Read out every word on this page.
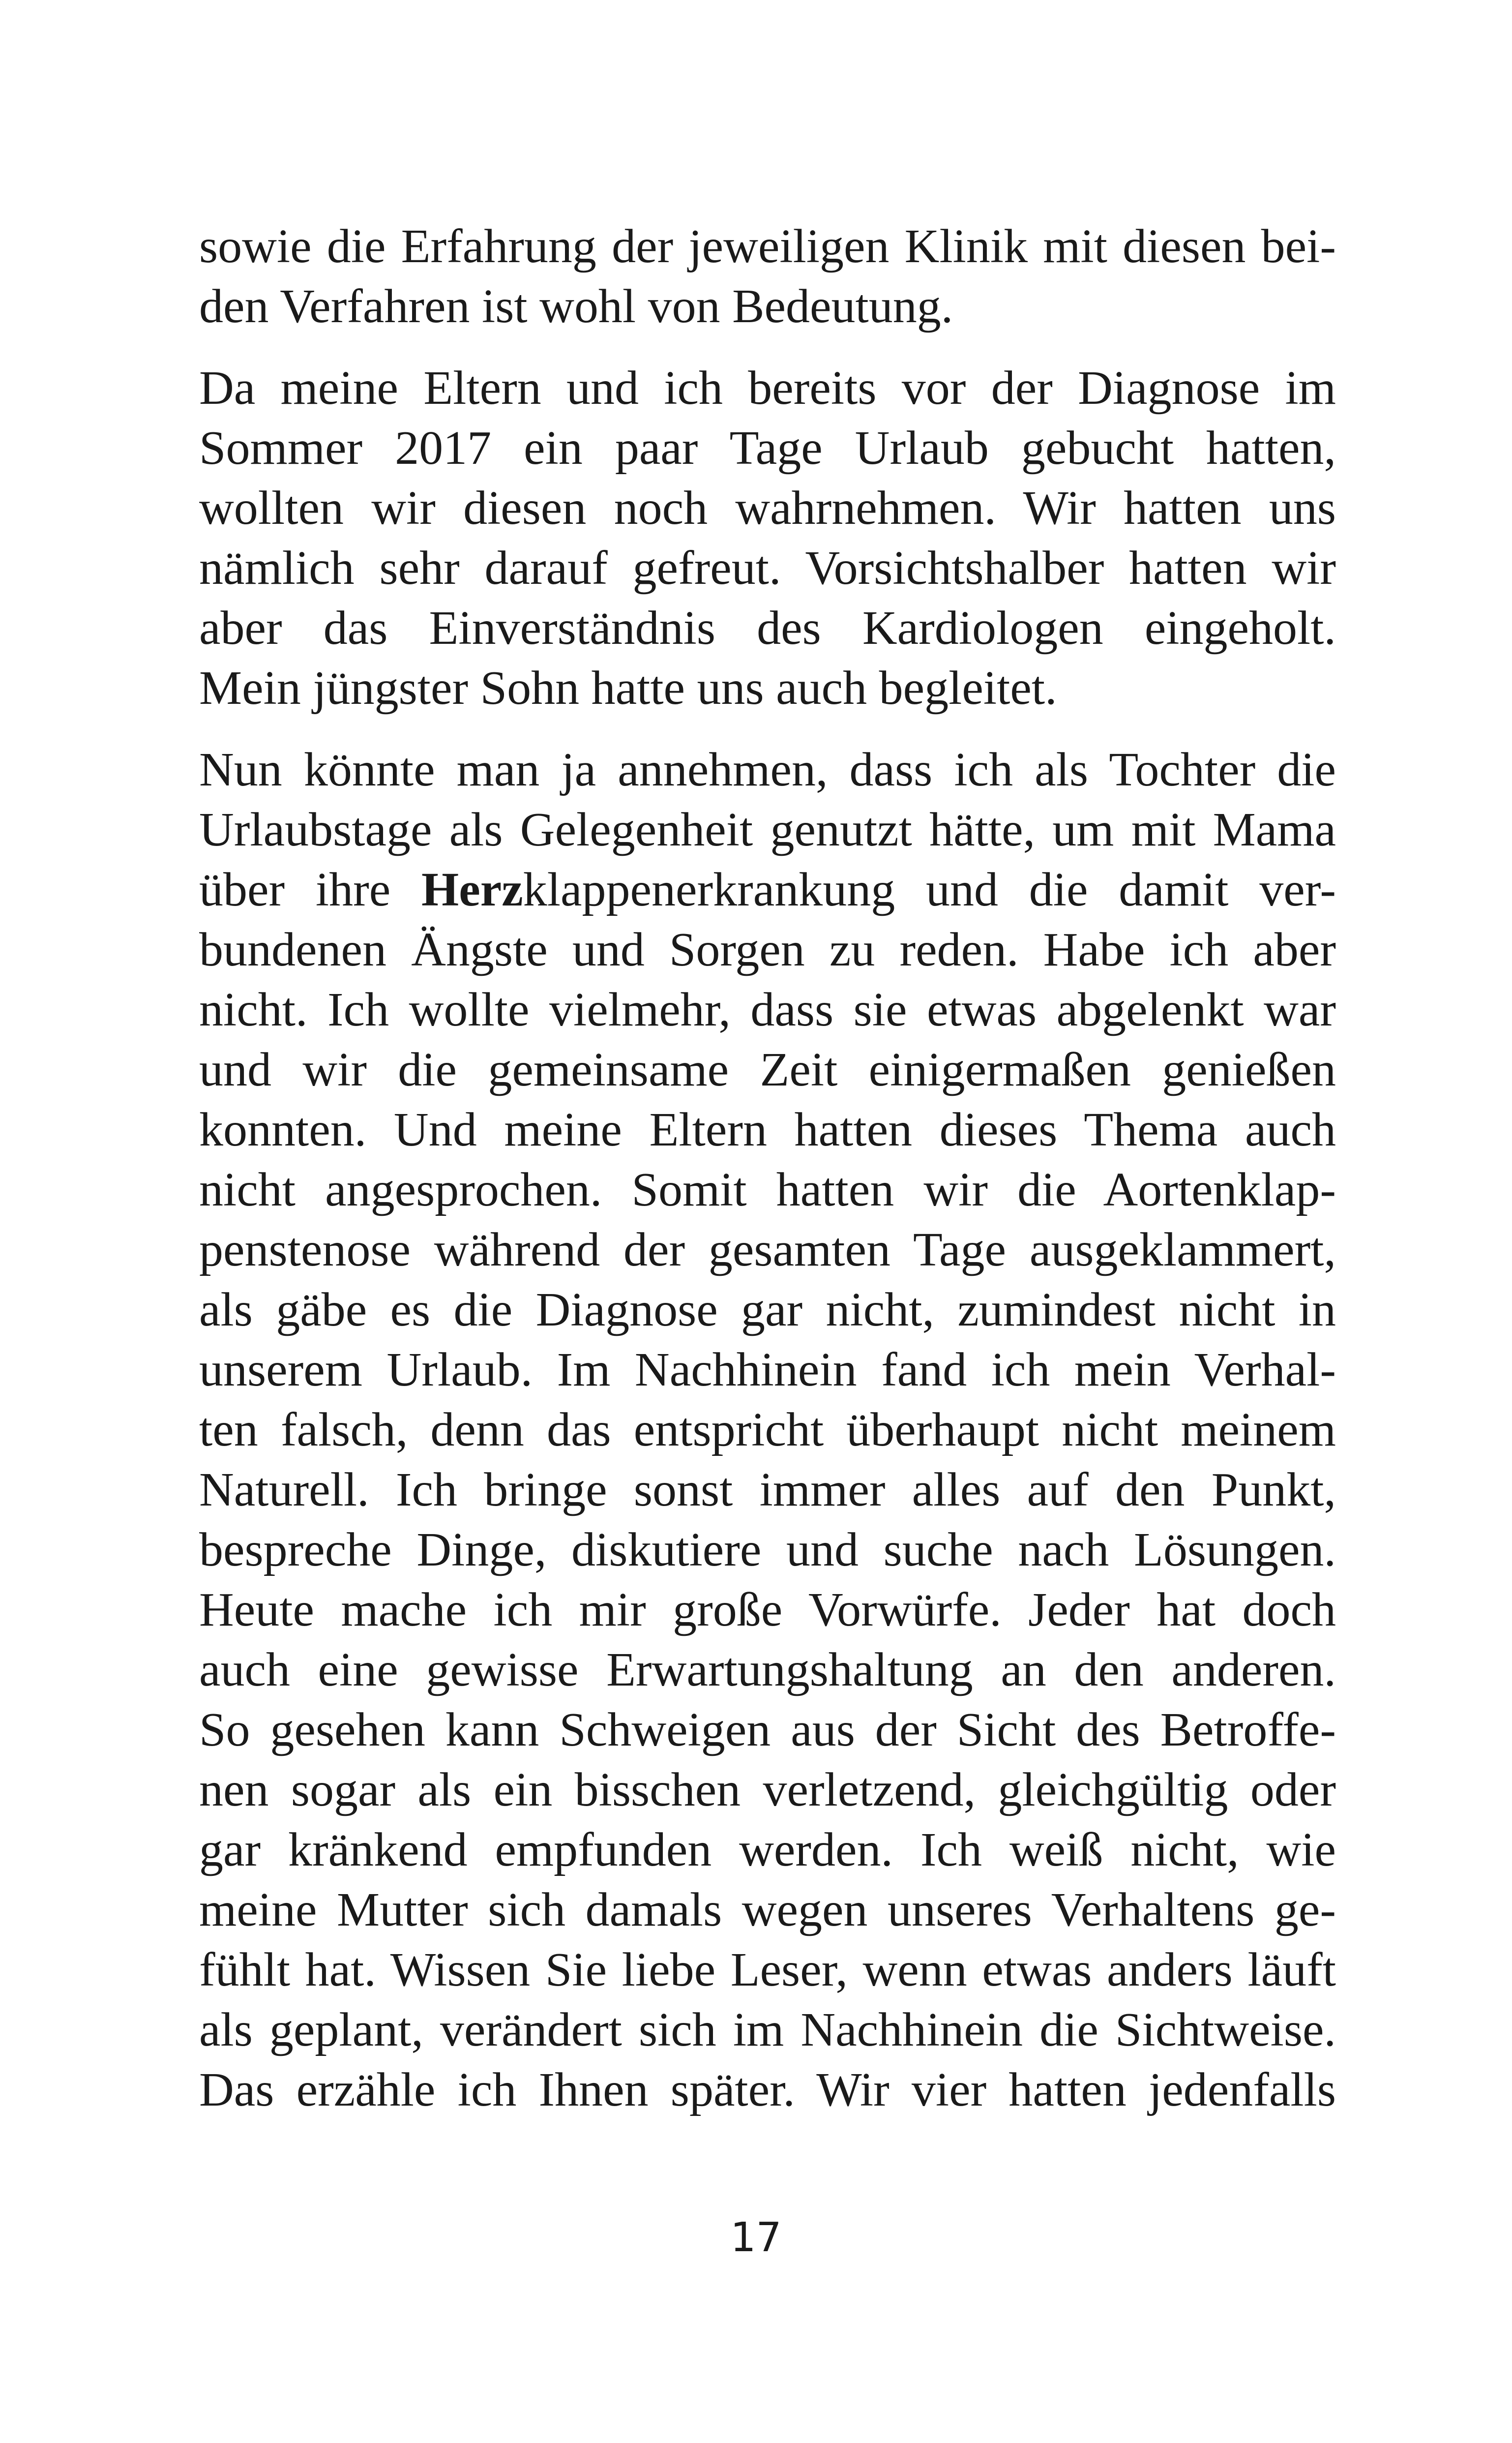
sowie die Erfahrung der jeweiligen Klinik mit diesen bei-
den Verfahren ist wohl von Bedeutung.

Da meine Eltern und ich bereits vor der Diagnose im
Sommer 2017 ein paar Tage Urlaub gebucht hatten,
wollten wir diesen noch wahrnehmen. Wir hatten uns
nämlich sehr darauf gefreut. Vorsichtshalber hatten wir
aber das Einverständnis des Kardiologen eingeholt.
Mein jüngster Sohn hatte uns auch begleitet.

Nun könnte man ja annehmen, dass ich als Tochter die
Urlaubstage als Gelegenheit genutzt hätte, um mit Mama
über ihre Herzklappenerkrankung und die damit ver-
bundenen Ängste und Sorgen zu reden. Habe ich aber
nicht. Ich wollte vielmehr, dass sie etwas abgelenkt war
und wir die gemeinsame Zeit einigermaßen genießen
konnten. Und meine Eltern hatten dieses Thema auch
nicht angesprochen. Somit hatten wir die Aortenklap-
penstenose während der gesamten Tage ausgeklammert,
als gäbe es die Diagnose gar nicht, zumindest nicht in
unserem Urlaub. Im Nachhinein fand ich mein Verhal-
ten falsch, denn das entspricht überhaupt nicht meinem
Naturell. Ich bringe sonst immer alles auf den Punkt,
bespreche Dinge, diskutiere und suche nach Lösungen.
Heute mache ich mir große Vorwürfe. Jeder hat doch
auch eine gewisse Erwartungshaltung an den anderen.
So gesehen kann Schweigen aus der Sicht des Betroffe-
nen sogar als ein bisschen verletzend, gleichgültig oder
gar kränkend empfunden werden. Ich weiß nicht, wie
meine Mutter sich damals wegen unseres Verhaltens ge-
fühlt hat. Wissen Sie liebe Leser, wenn etwas anders läuft
als geplant, verändert sich im Nachhinein die Sichtweise.
Das erzähle ich Ihnen später. Wir vier hatten jedenfalls

17
